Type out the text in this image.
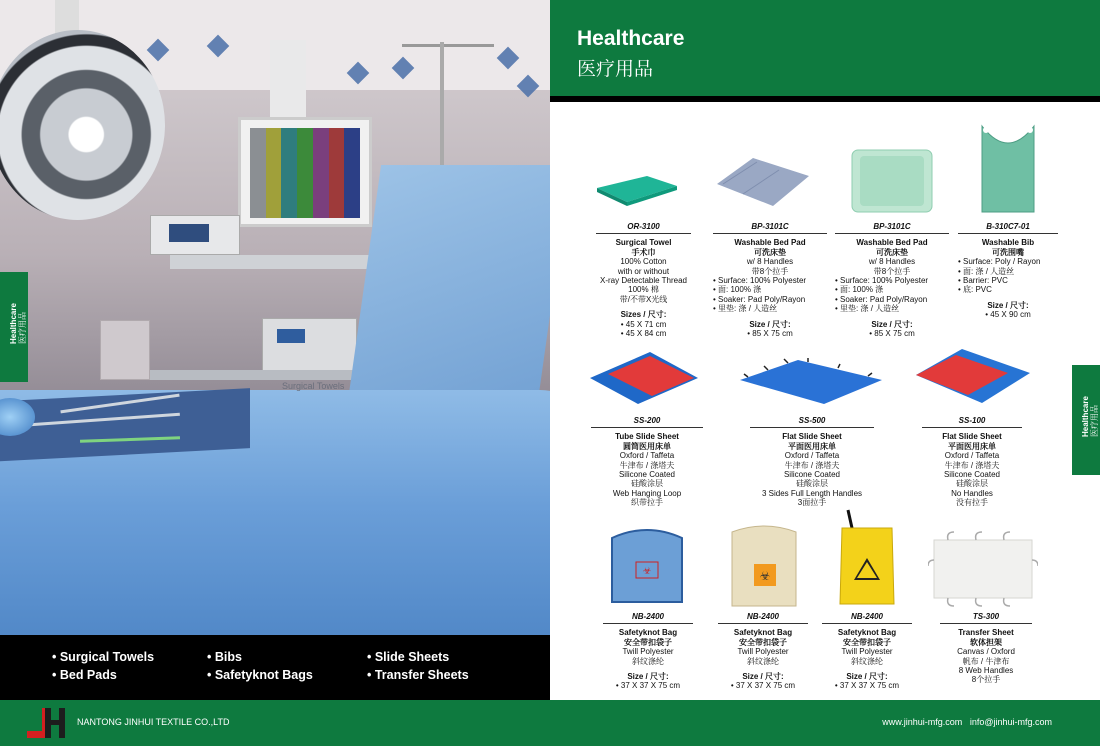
Surgical Towels
Healthcare 医疗用品
• Surgical Towels
• Bed Pads
• Bibs
• Safetyknot Bags
• Slide Sheets
• Transfer Sheets
Healthcare
医疗用品
Healthcare 医疗用品
☣	☣
OR-3100
Surgical Towel
手术巾
100% Cotton
with or without
X-ray Detectable Thread
100% 棉
带/不带X光线
Sizes / 尺寸:
• 45 X 71 cm
• 45 X 84 cm
BP-3101C
Washable Bed Pad
可洗床垫
w/ 8 Handles
带8个拉手
• Surface: 100% Polyester
• 面: 100% 涤
• Soaker: Pad Poly/Rayon
• 里垫: 涤 / 人造丝
Size / 尺寸:
• 85 X 75 cm
BP-3101C
Washable Bed Pad
可洗床垫
w/ 8 Handles
带8个拉手
• Surface: 100% Polyester
• 面: 100% 涤
• Soaker: Pad Poly/Rayon
• 里垫: 涤 / 人造丝
Size / 尺寸:
• 85 X 75 cm
B-310C7-01
Washable Bib
可洗围嘴
• Surface: Poly / Rayon
• 面: 涤 / 人造丝
• Barrier: PVC
• 底: PVC
Size / 尺寸:
• 45 X 90 cm
SS-200
Tube Slide Sheet
圆筒医用床单
Oxford / Taffeta
牛津布 / 涤塔夫
Silicone Coated
硅酸涂层
Web Hanging Loop
织带拉手
SS-500
Flat Slide Sheet
平面医用床单
Oxford / Taffeta
牛津布 / 涤塔夫
Silicone Coated
硅酸涂层
3 Sides Full Length Handles
3面拉手
SS-100
Flat Slide Sheet
平面医用床单
Oxford / Taffeta
牛津布 / 涤塔夫
Silicone Coated
硅酸涂层
No Handles
没有拉手
NB-2400
Safetyknot Bag
安全带扣袋子
Twill Polyester
斜纹涤纶
Size / 尺寸:
• 37 X 37 X 75 cm
NB-2400
Safetyknot Bag
安全带扣袋子
Twill Polyester
斜纹涤纶
Size / 尺寸:
• 37 X 37 X 75 cm
NB-2400
Safetyknot Bag
安全带扣袋子
Twill Polyester
斜纹涤纶
Size / 尺寸:
• 37 X 37 X 75 cm
TS-300
Transfer Sheet
软体担架
Canvas / Oxford
帆布 / 牛津布
8 Web Handles
8个拉手
NANTONG JINHUI TEXTILE CO.,LTD	www.jinhui-mfg.com info@jinhui-mfg.com
